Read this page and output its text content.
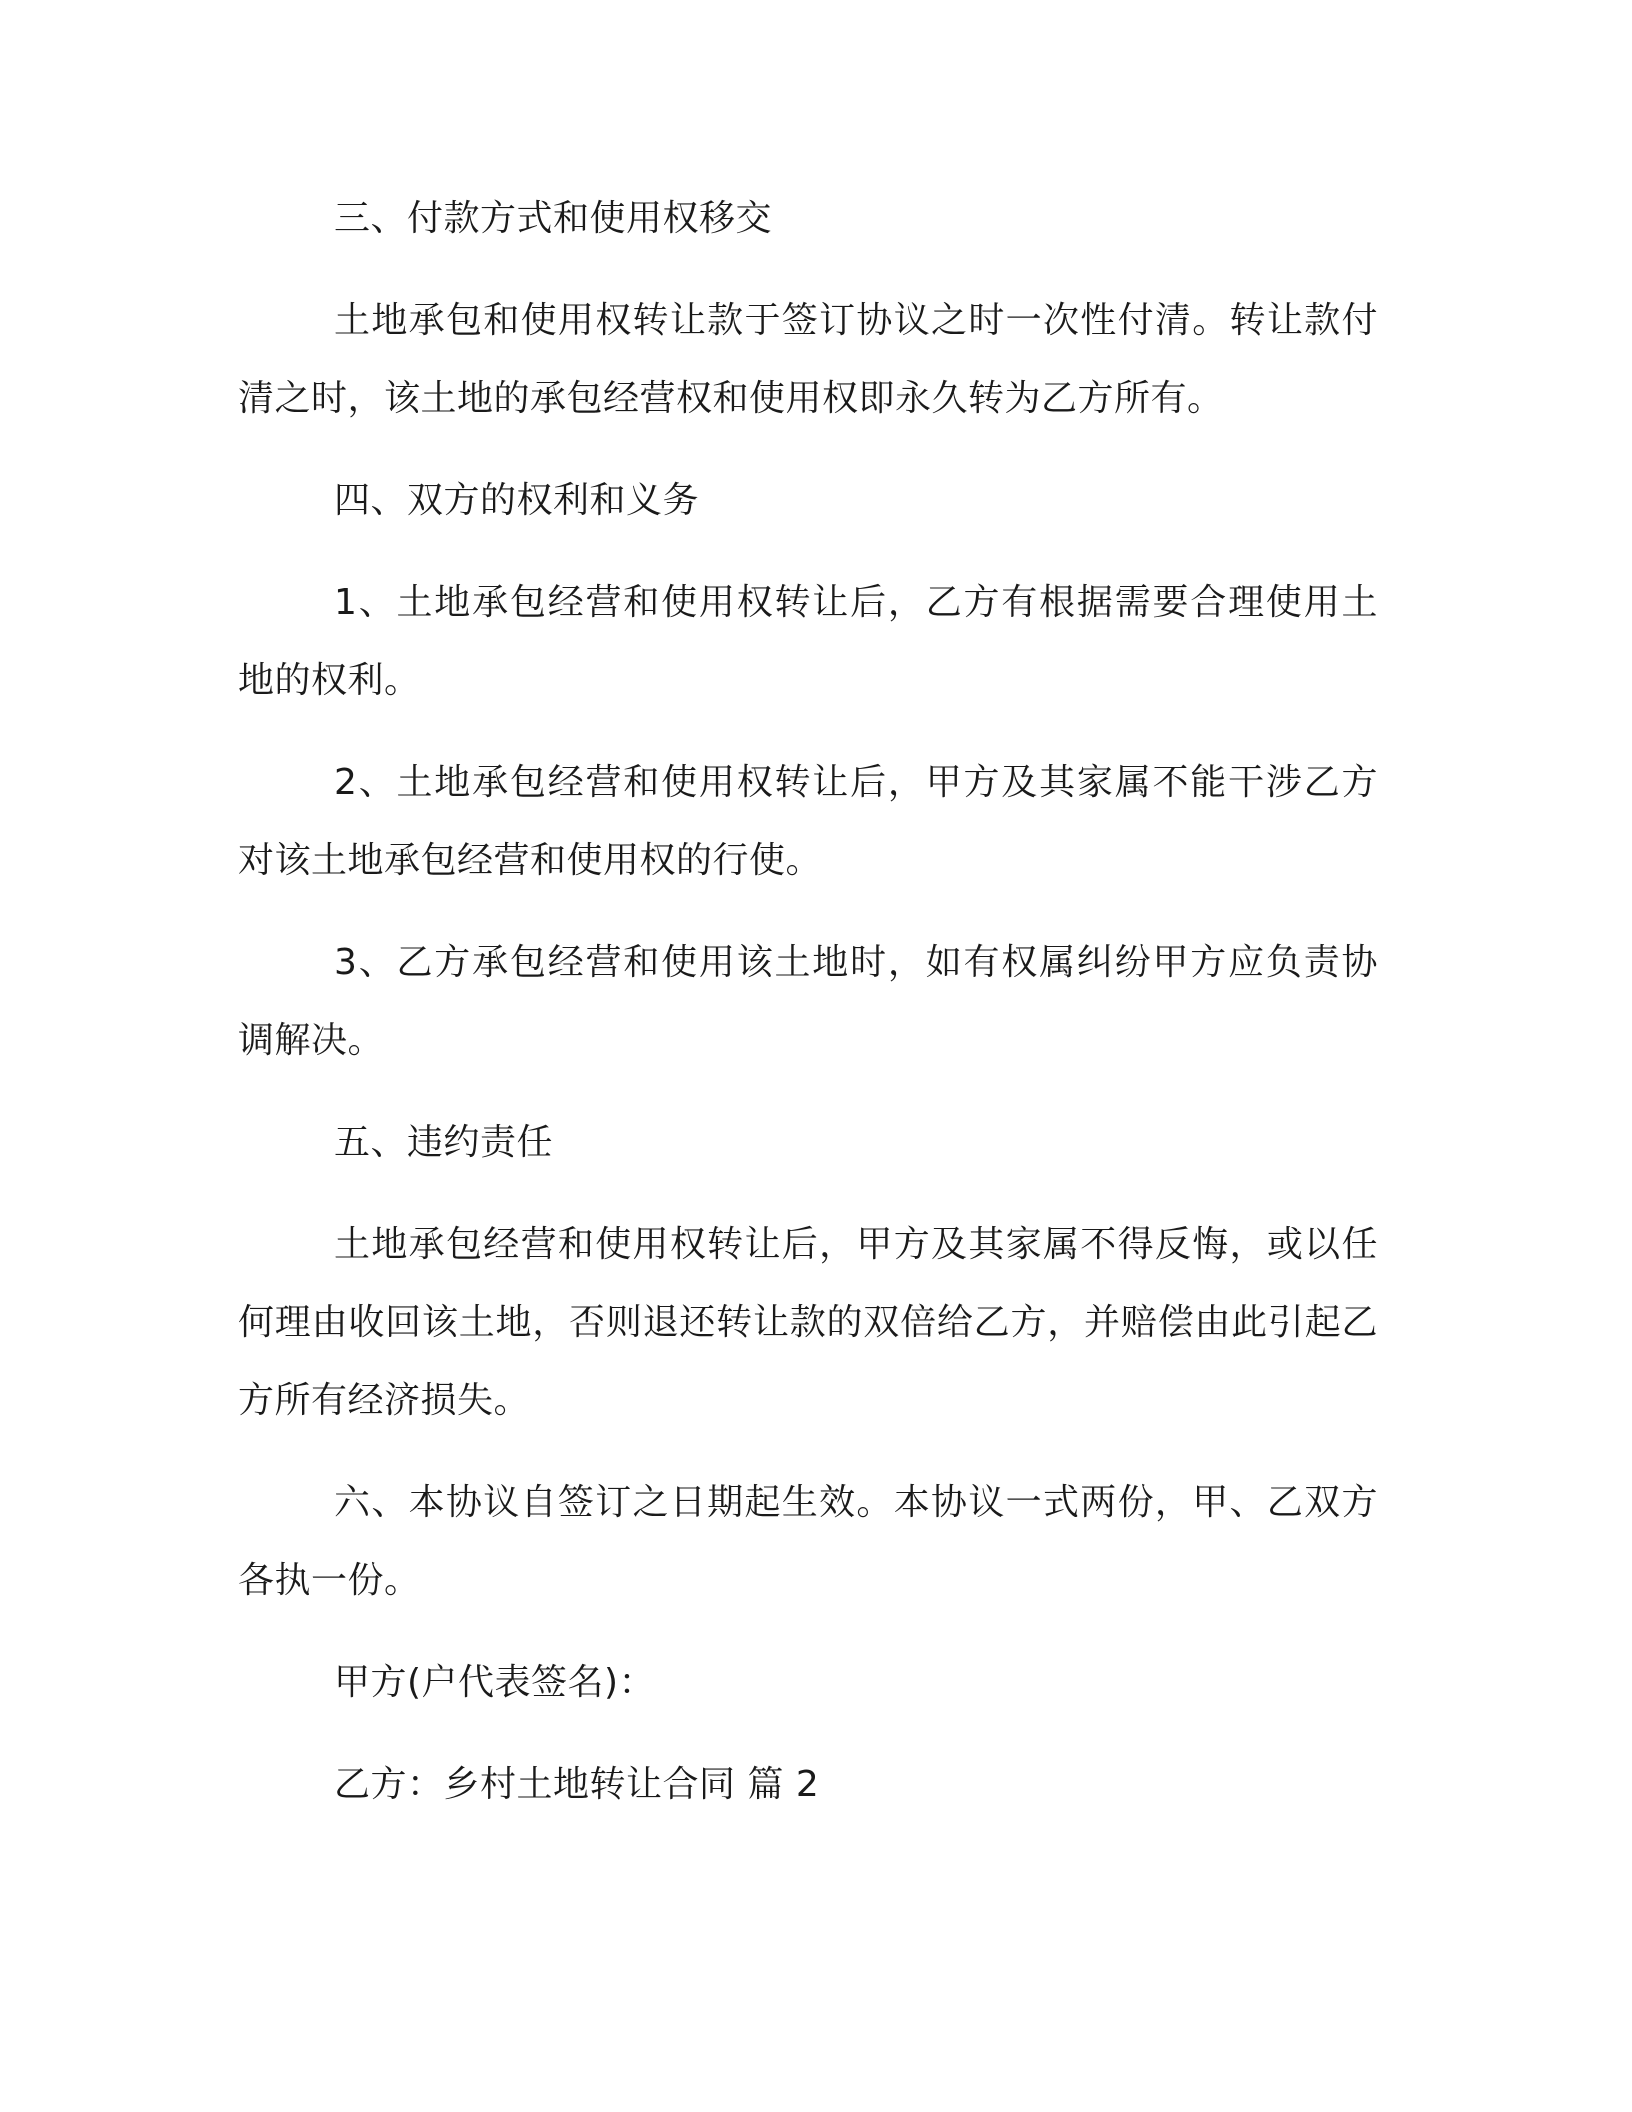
三、付款方式和使用权移交

土地承包和使用权转让款于签订协议之时一次性付清。转让款付清之时，该土地的承包经营权和使用权即永久转为乙方所有。

四、双方的权利和义务

1、土地承包经营和使用权转让后，乙方有根据需要合理使用土地的权利。

2、土地承包经营和使用权转让后，甲方及其家属不能干涉乙方对该土地承包经营和使用权的行使。

3、乙方承包经营和使用该土地时，如有权属纠纷甲方应负责协调解决。

五、违约责任

土地承包经营和使用权转让后，甲方及其家属不得反悔，或以任何理由收回该土地，否则退还转让款的双倍给乙方，并赔偿由此引起乙方所有经济损失。

六、本协议自签订之日期起生效。本协议一式两份，甲、乙双方各执一份。

甲方(户代表签名)：

乙方：乡村土地转让合同 篇 2
